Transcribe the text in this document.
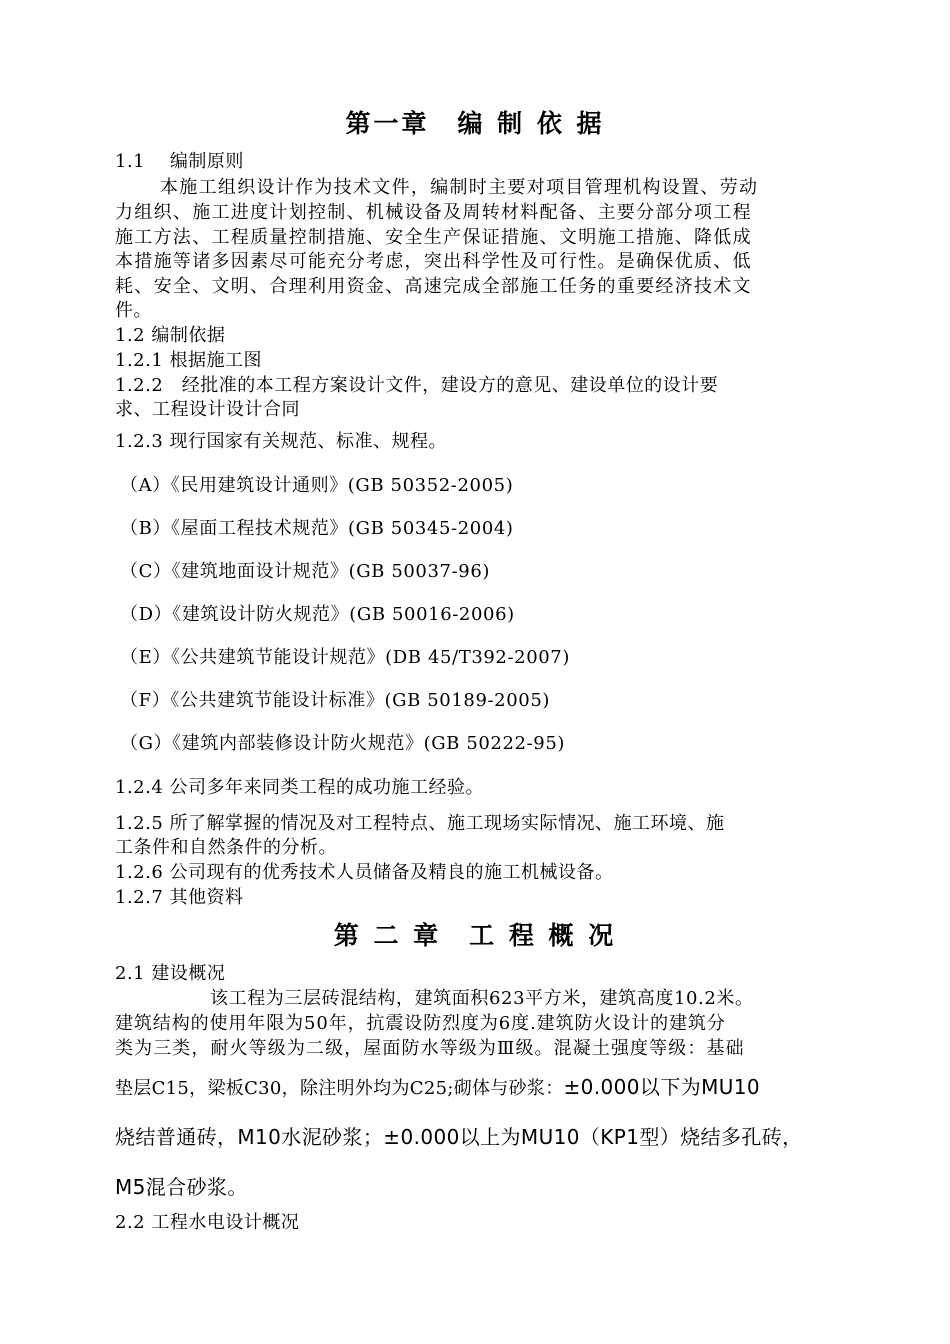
第一章　编 制 依 据
1.1　 编制原则
本施工组织设计作为技术文件，编制时主要对项目管理机构设置、劳动
力组织、施工进度计划控制、机械设备及周转材料配备、主要分部分项工程
施工方法、工程质量控制措施、安全生产保证措施、文明施工措施、降低成
本措施等诸多因素尽可能充分考虑，突出科学性及可行性。是确保优质、低
耗、安全、文明、合理利用资金、高速完成全部施工任务的重要经济技术文
件。
1.2 编制依据
1.2.1 根据施工图
1.2.2　经批准的本工程方案设计文件，建设方的意见、建设单位的设计要
求、工程设计设计合同
1.2.3 现行国家有关规范、标准、规程。
（A）《民用建筑设计通则》(GB 50352-2005)
（B）《屋面工程技术规范》(GB 50345-2004)
（C）《建筑地面设计规范》(GB 50037-96)
（D）《建筑设计防火规范》(GB 50016-2006)
（E）《公共建筑节能设计规范》(DB 45/T392-2007)
（F）《公共建筑节能设计标准》(GB 50189-2005)
（G）《建筑内部装修设计防火规范》(GB 50222-95)
1.2.4 公司多年来同类工程的成功施工经验。
1.2.5 所了解掌握的情况及对工程特点、施工现场实际情况、施工环境、施
工条件和自然条件的分析。
1.2.6 公司现有的优秀技术人员储备及精良的施工机械设备。
1.2.7 其他资料
第 二 章　工 程 概 况
2.1 建设概况
该工程为三层砖混结构，建筑面积623平方米，建筑高度10.2米。
建筑结构的使用年限为50年，抗震设防烈度为6度.建筑防火设计的建筑分
类为三类，耐火等级为二级，屋面防水等级为Ⅲ级。混凝土强度等级：基础
垫层C15，梁板C30，除注明外均为C25;砌体与砂浆：±0.000以下为MU10
烧结普通砖，M10水泥砂浆；±0.000以上为MU10（KP1型）烧结多孔砖，
M5混合砂浆。
2.2 工程水电设计概况
